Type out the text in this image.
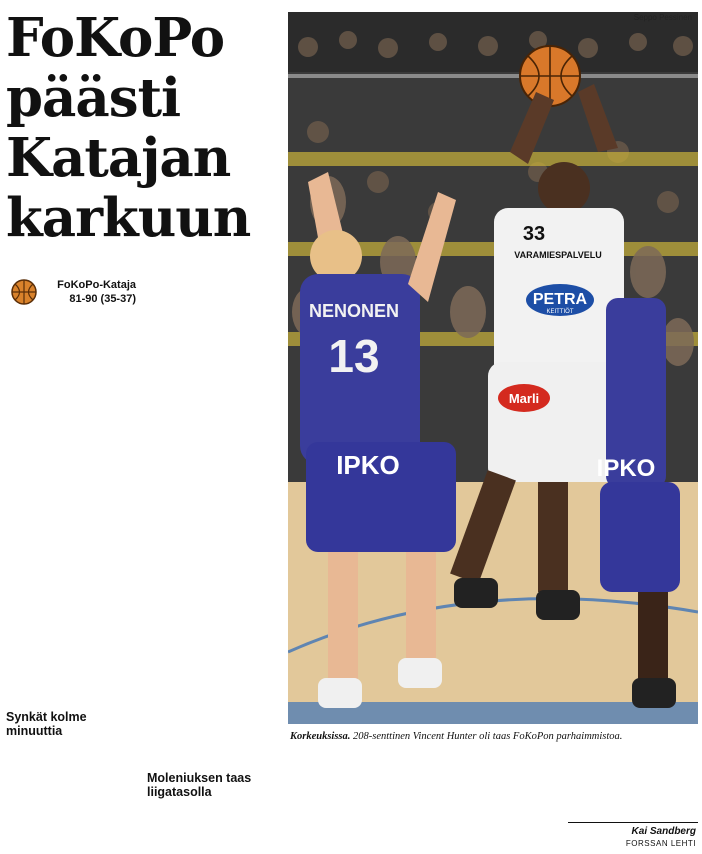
FoKoPo
päästi
Katajan
karkuun
FoKoPo-Kataja
81-90 (35-37)
Synkät kolme
minuuttia
Moleniuksen taas
liigatasolla
NENONEN
13
33
VARAMIESPALVELU
PETRA
KEITTIÖT
Marli
IPKO	IPKO
Seppo Pessinen
Korkeuksissa. 208-senttinen Vincent Hunter oli taas FoKoPon parhaimmistoa.
Kai Sandberg
FORSSAN LEHTI
